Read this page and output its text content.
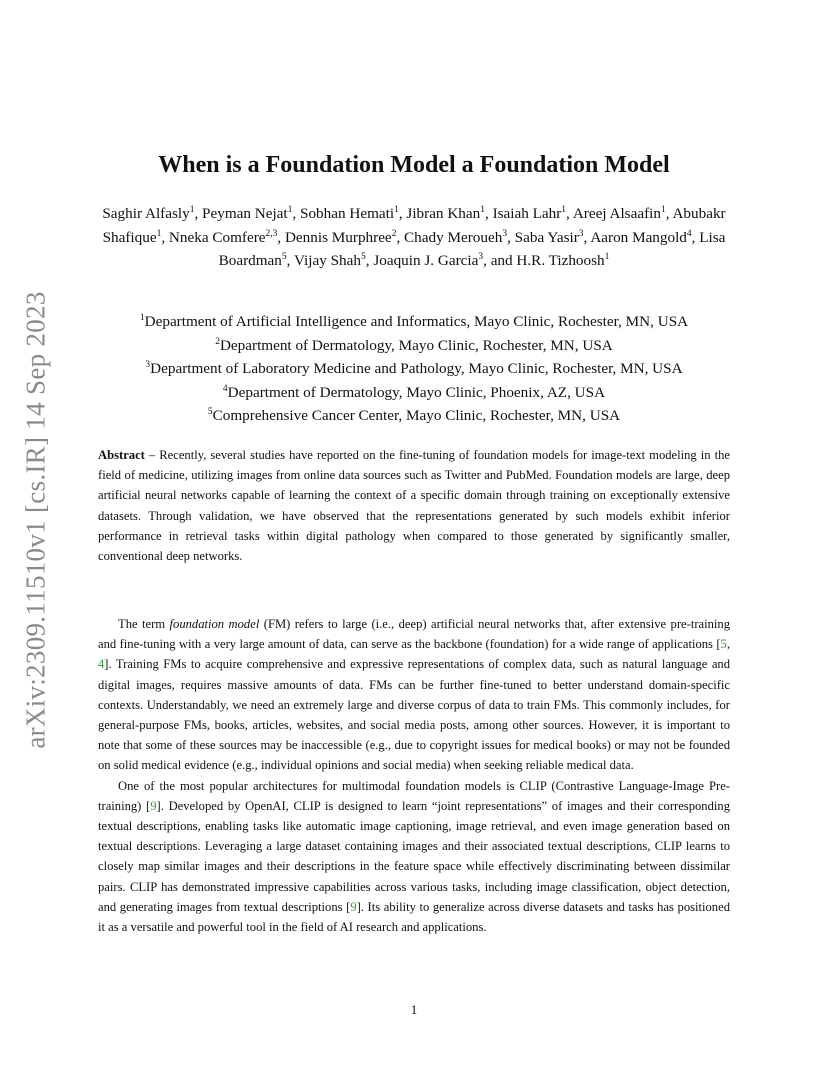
arXiv:2309.11510v1 [cs.IR] 14 Sep 2023
When is a Foundation Model a Foundation Model
Saghir Alfasly$^1$, Peyman Nejat$^1$, Sobhan Hemati$^1$, Jibran Khan$^1$, Isaiah Lahr$^1$, Areej Alsaafin$^1$, Abubakr Shafique$^1$, Nneka Comfere$^{2,3}$, Dennis Murphree$^2$, Chady Meroueh$^3$, Saba Yasir$^3$, Aaron Mangold$^4$, Lisa Boardman$^5$, Vijay Shah$^5$, Joaquin J. Garcia$^3$, and H.R. Tizhoosh$^1$
$^1$Department of Artificial Intelligence and Informatics, Mayo Clinic, Rochester, MN, USA
$^2$Department of Dermatology, Mayo Clinic, Rochester, MN, USA
$^3$Department of Laboratory Medicine and Pathology, Mayo Clinic, Rochester, MN, USA
$^4$Department of Dermatology, Mayo Clinic, Phoenix, AZ, USA
$^5$Comprehensive Cancer Center, Mayo Clinic, Rochester, MN, USA
Abstract – Recently, several studies have reported on the fine-tuning of foundation models for image-text modeling in the field of medicine, utilizing images from online data sources such as Twitter and PubMed. Foundation models are large, deep artificial neural networks capable of learning the context of a specific domain through training on exceptionally extensive datasets. Through validation, we have observed that the representations generated by such models exhibit inferior performance in retrieval tasks within digital pathology when compared to those generated by significantly smaller, conventional deep networks.

The term foundation model (FM) refers to large (i.e., deep) artificial neural networks that, after extensive pre-training and fine-tuning with a very large amount of data, can serve as the backbone (foundation) for a wide range of applications [5, 4]. Training FMs to acquire comprehensive and expressive representations of complex data, such as natural language and digital images, requires massive amounts of data. FMs can be further fine-tuned to better understand domain-specific contexts. Understandably, we need an extremely large and diverse corpus of data to train FMs. This commonly includes, for general-purpose FMs, books, articles, websites, and social media posts, among other sources. However, it is important to note that some of these sources may be inaccessible (e.g., due to copyright issues for medical books) or may not be founded on solid medical evidence (e.g., individual opinions and social media) when seeking reliable medical data.

One of the most popular architectures for multimodal foundation models is CLIP (Contrastive Language-Image Pre-training) [9]. Developed by OpenAI, CLIP is designed to learn “joint representations” of images and their corresponding textual descriptions, enabling tasks like automatic image captioning, image retrieval, and even image generation based on textual descriptions. Leveraging a large dataset containing images and their associated textual descriptions, CLIP learns to closely map similar images and their descriptions in the feature space while effectively discriminating between dissimilar pairs. CLIP has demonstrated impressive capabilities across various tasks, including image classification, object detection, and generating images from textual descriptions [9]. Its ability to generalize across diverse datasets and tasks has positioned it as a versatile and powerful tool in the field of AI research and applications.

1
